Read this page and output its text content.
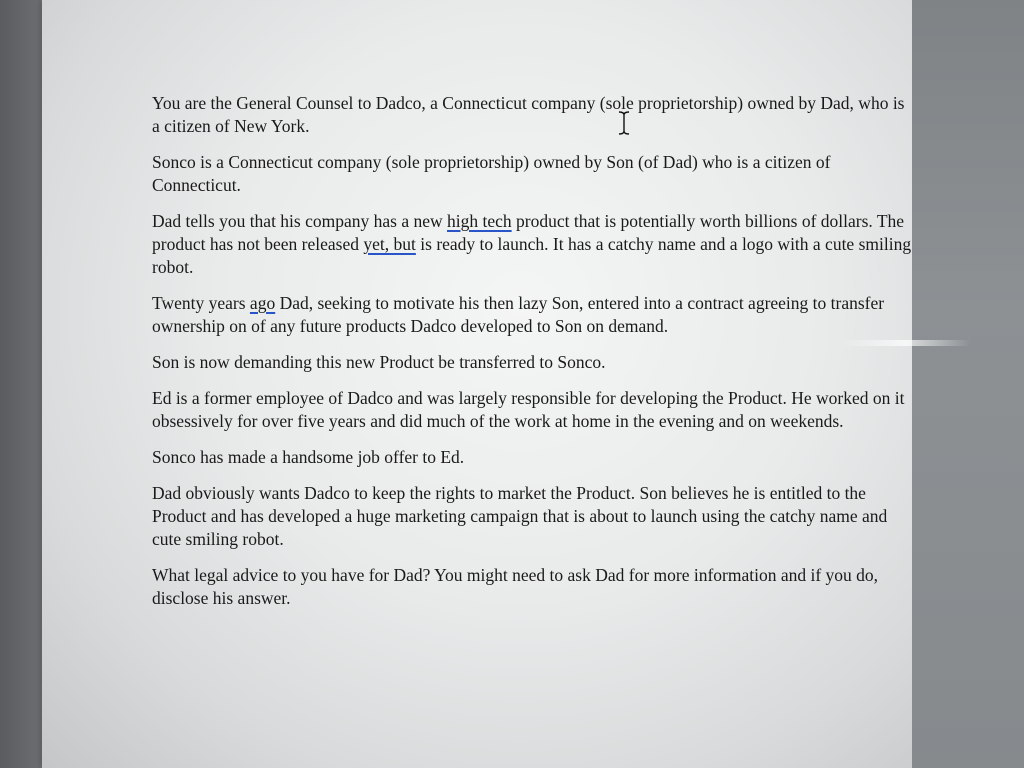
You are the General Counsel to Dadco, a Connecticut company (sole proprietorship) owned by Dad, who is a citizen of New York.

Sonco is a Connecticut company (sole proprietorship) owned by Son (of Dad) who is a citizen of Connecticut.

Dad tells you that his company has a new high tech product that is potentially worth billions of dollars. The product has not been released yet, but is ready to launch. It has a catchy name and a logo with a cute smiling robot.

Twenty years ago Dad, seeking to motivate his then lazy Son, entered into a contract agreeing to transfer ownership on of any future products Dadco developed to Son on demand.

Son is now demanding this new Product be transferred to Sonco.

Ed is a former employee of Dadco and was largely responsible for developing the Product. He worked on it obsessively for over five years and did much of the work at home in the evening and on weekends.

Sonco has made a handsome job offer to Ed.

Dad obviously wants Dadco to keep the rights to market the Product. Son believes he is entitled to the Product and has developed a huge marketing campaign that is about to launch using the catchy name and cute smiling robot.

What legal advice to you have for Dad? You might need to ask Dad for more information and if you do, disclose his answer.
